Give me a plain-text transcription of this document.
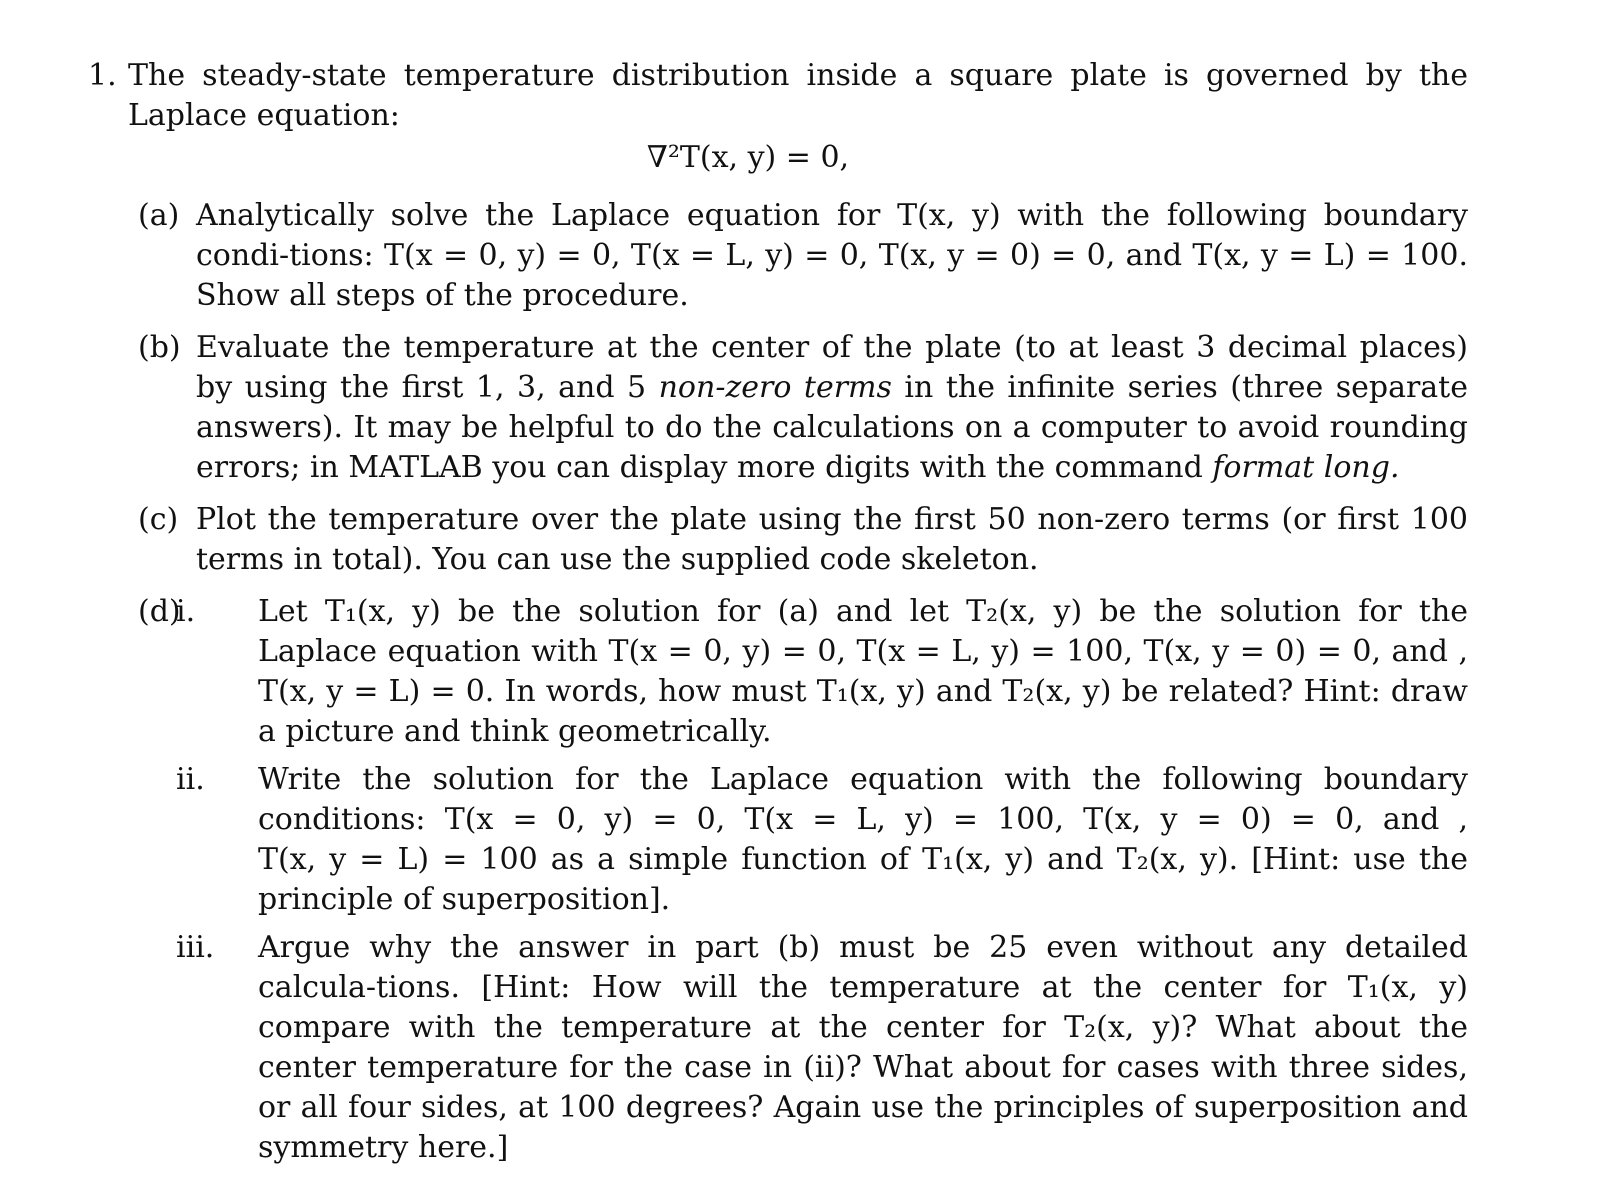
1. The steady-state temperature distribution inside a square plate is governed by the Laplace equation:
∇²T(x, y) = 0,
(a) Analytically solve the Laplace equation for T(x, y) with the following boundary condi-tions: T(x = 0, y) = 0, T(x = L, y) = 0, T(x, y = 0) = 0, and T(x, y = L) = 100. Show all steps of the procedure.
(b) Evaluate the temperature at the center of the plate (to at least 3 decimal places) by using the first 1, 3, and 5 non-zero terms in the infinite series (three separate answers). It may be helpful to do the calculations on a computer to avoid rounding errors; in MATLAB you can display more digits with the command format long.
(c) Plot the temperature over the plate using the first 50 non-zero terms (or first 100 terms in total). You can use the supplied code skeleton.
(d)
i.	Let T₁(x, y) be the solution for (a) and let T₂(x, y) be the solution for the Laplace equation with T(x = 0, y) = 0, T(x = L, y) = 100, T(x, y = 0) = 0, and , T(x, y = L) = 0. In words, how must T₁(x, y) and T₂(x, y) be related? Hint: draw a picture and think geometrically.
ii.	Write the solution for the Laplace equation with the following boundary conditions: T(x = 0, y) = 0, T(x = L, y) = 100, T(x, y = 0) = 0, and , T(x, y = L) = 100 as a simple function of T₁(x, y) and T₂(x, y). [Hint: use the principle of superposition].
iii.	Argue why the answer in part (b) must be 25 even without any detailed calcula-tions. [Hint: How will the temperature at the center for T₁(x, y) compare with the temperature at the center for T₂(x, y)? What about the center temperature for the case in (ii)? What about for cases with three sides, or all four sides, at 100 degrees? Again use the principles of superposition and symmetry here.]
